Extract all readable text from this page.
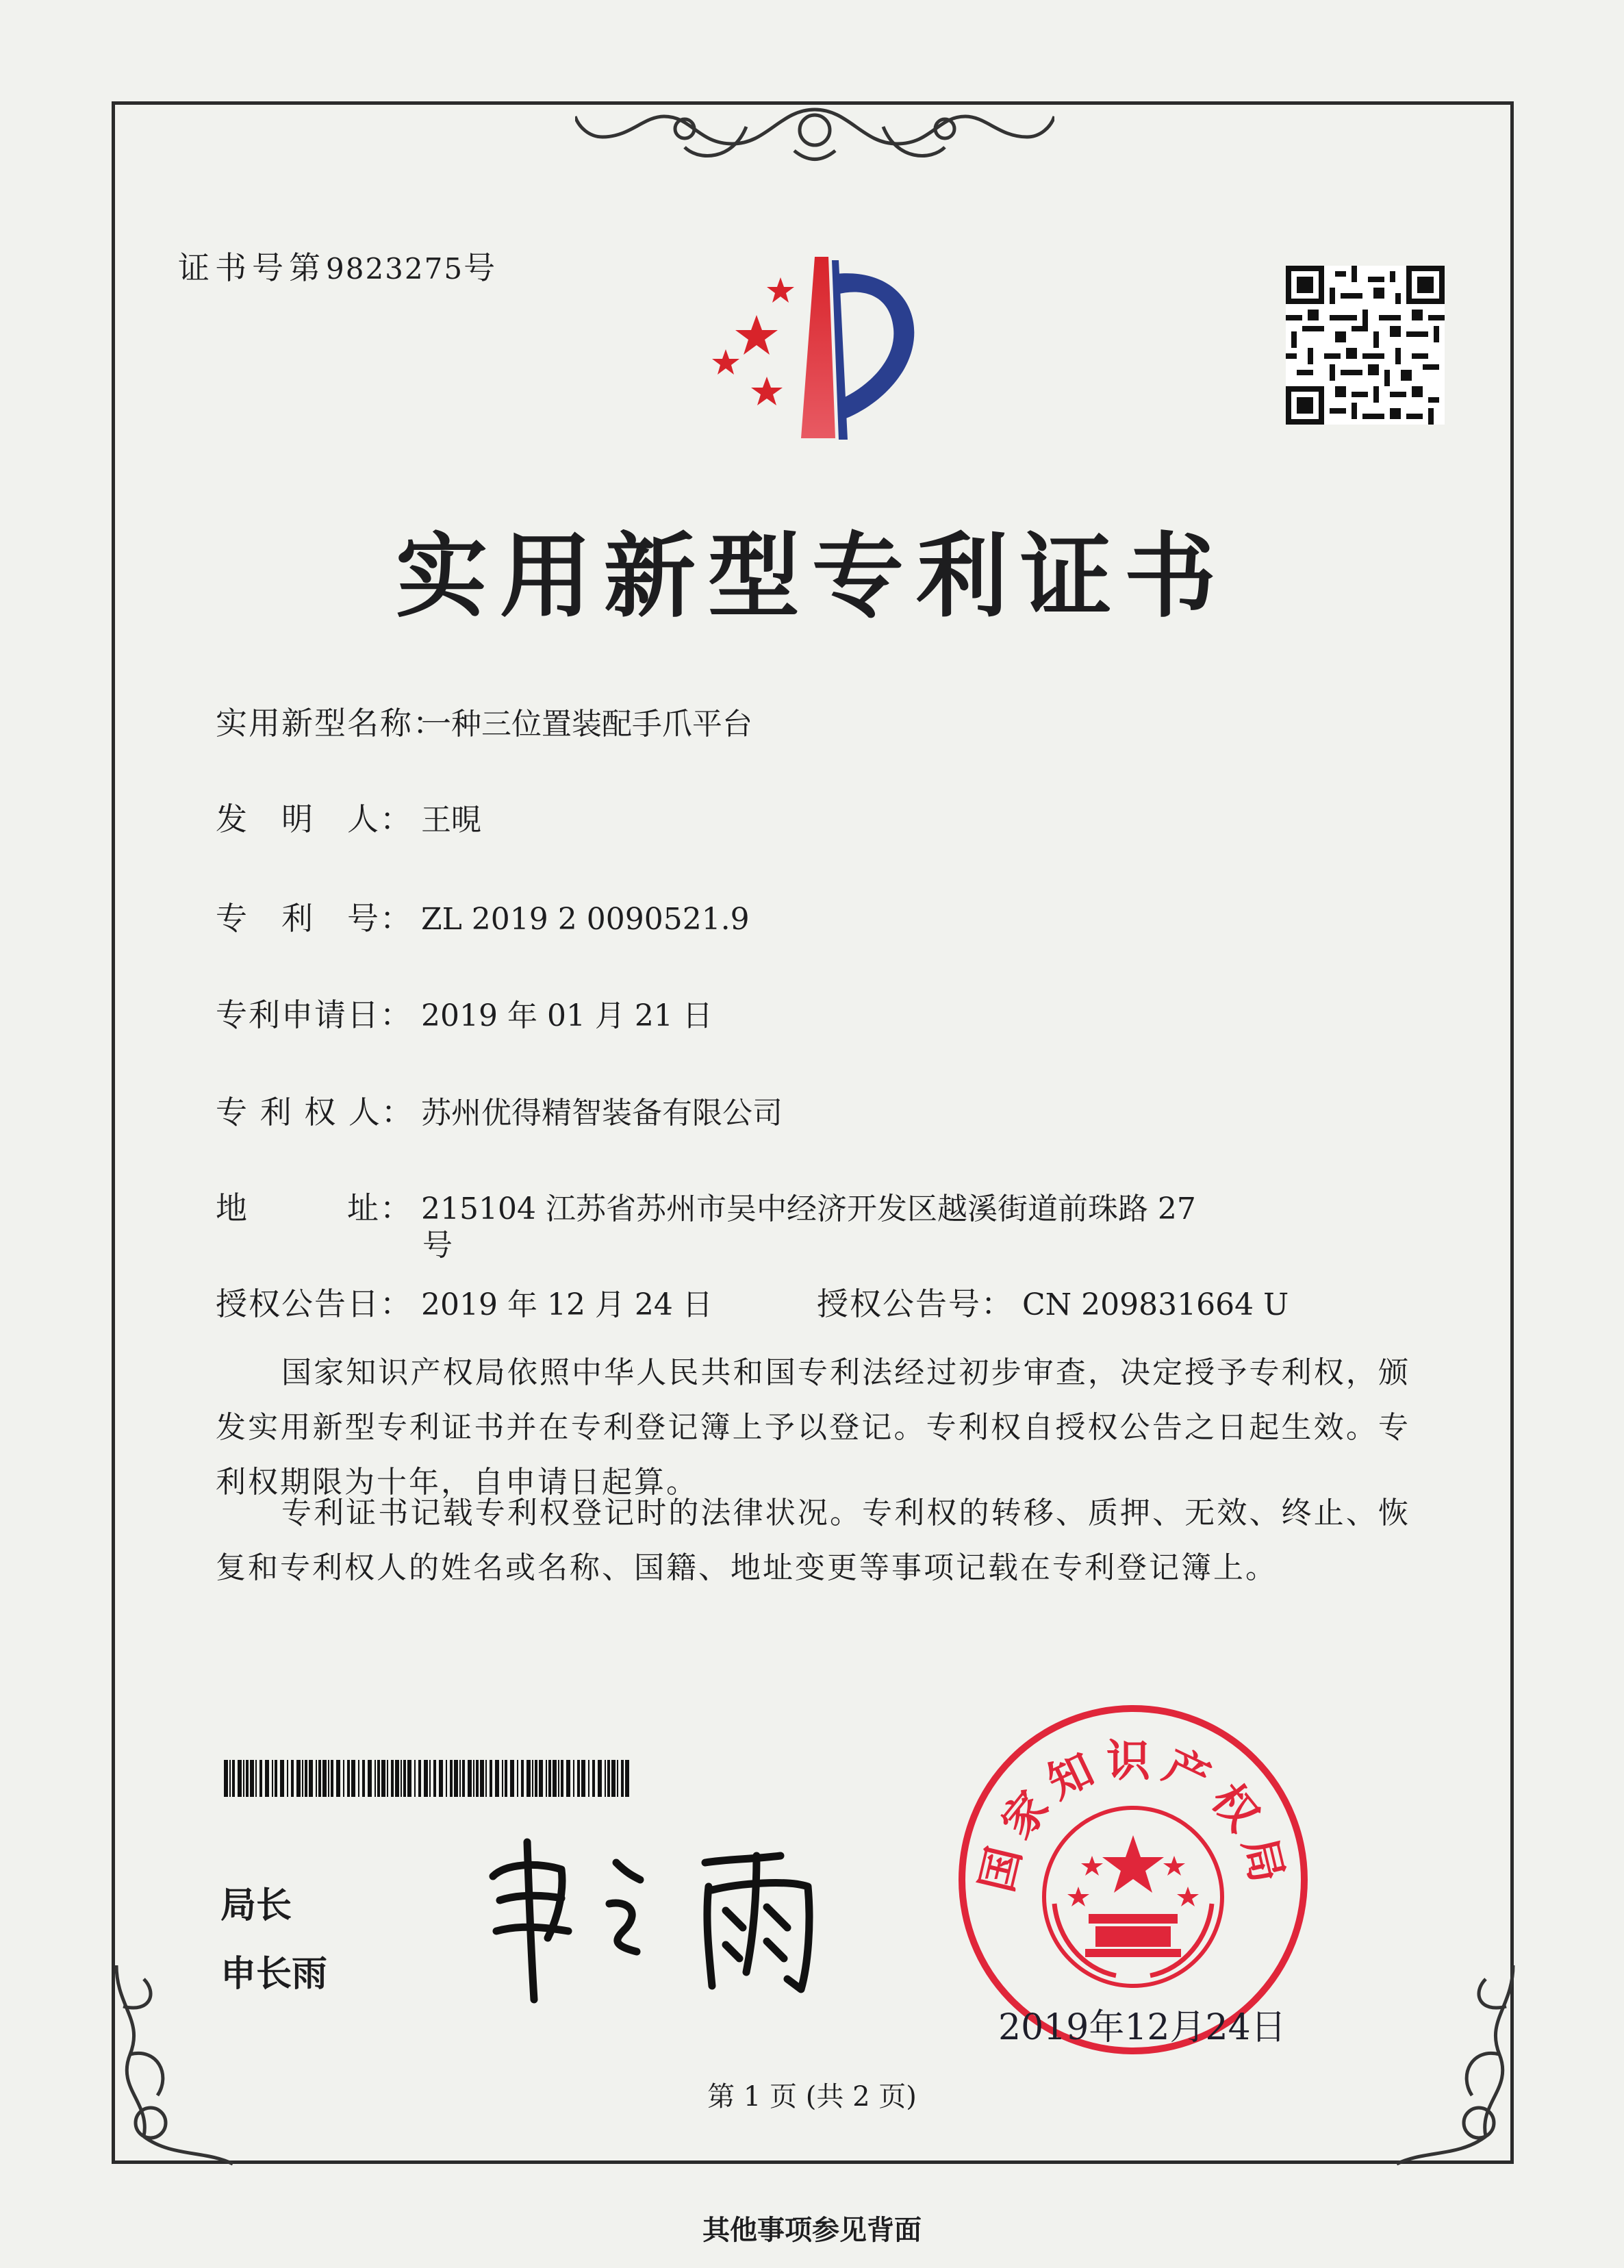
证书号第9823275号
实用新型专利证书
实用新型名称：一种三位置装配手爪平台
发　明　人： 王晛
专　利　号： ZL 2019 2 0090521.9
专利申请日： 2019 年 01 月 21 日
专 利 权 人： 苏州优得精智装备有限公司
地　　　址： 215104 江苏省苏州市吴中经济开发区越溪街道前珠路 27
号
授权公告日： 2019 年 12 月 24 日	授权公告号： CN 209831664 U
国家知识产权局依照中华人民共和国专利法经过初步审查，决定授予专利权，颁发实用新型专利证书并在专利登记簿上予以登记。专利权自授权公告之日起生效。专利权期限为十年，自申请日起算。
专利证书记载专利权登记时的法律状况。专利权的转移、质押、无效、终止、恢复和专利权人的姓名或名称、国籍、地址变更等事项记载在专利登记簿上。
局长
申长雨
国家知识产权局
2019年12月24日
第 1 页 (共 2 页)
其他事项参见背面
